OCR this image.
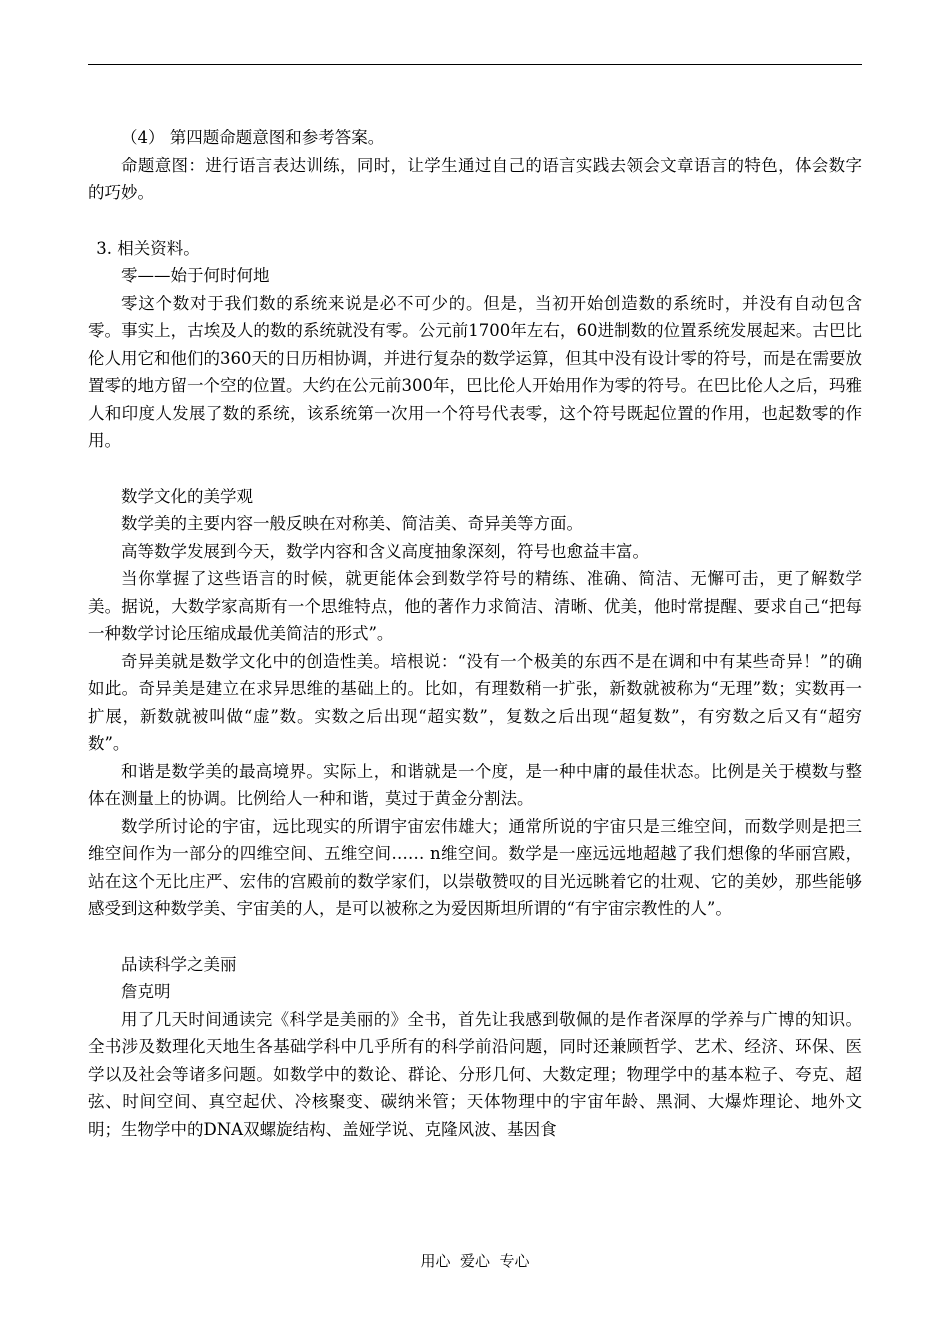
（4） 第四题命题意图和参考答案。

命题意图：进行语言表达训练，同时，让学生通过自己的语言实践去领会文章语言的特色，体会数字的巧妙。

3. 相关资料。

零——始于何时何地

零这个数对于我们数的系统来说是必不可少的。但是，当初开始创造数的系统时，并没有自动包含零。事实上，古埃及人的数的系统就没有零。公元前1700年左右，60进制数的位置系统发展起来。古巴比伦人用它和他们的360天的日历相协调，并进行复杂的数学运算，但其中没有设计零的符号，而是在需要放置零的地方留一个空的位置。大约在公元前300年，巴比伦人开始用作为零的符号。在巴比伦人之后，玛雅人和印度人发展了数的系统，该系统第一次用一个符号代表零，这个符号既起位置的作用，也起数零的作用。

数学文化的美学观

数学美的主要内容一般反映在对称美、简洁美、奇异美等方面。

高等数学发展到今天，数学内容和含义高度抽象深刻，符号也愈益丰富。

当你掌握了这些语言的时候，就更能体会到数学符号的精练、准确、简洁、无懈可击，更了解数学美。据说，大数学家高斯有一个思维特点，他的著作力求简洁、清晰、优美，他时常提醒、要求自己“把每一种数学讨论压缩成最优美简洁的形式”。

奇异美就是数学文化中的创造性美。培根说：“没有一个极美的东西不是在调和中有某些奇异！”的确如此。奇异美是建立在求异思维的基础上的。比如，有理数稍一扩张，新数就被称为“无理”数；实数再一扩展，新数就被叫做“虚”数。实数之后出现“超实数”，复数之后出现“超复数”，有穷数之后又有“超穷数”。

和谐是数学美的最高境界。实际上，和谐就是一个度，是一种中庸的最佳状态。比例是关于模数与整体在测量上的协调。比例给人一种和谐，莫过于黄金分割法。

数学所讨论的宇宙，远比现实的所谓宇宙宏伟雄大；通常所说的宇宙只是三维空间，而数学则是把三维空间作为一部分的四维空间、五维空间…… n维空间。数学是一座远远地超越了我们想像的华丽宫殿，站在这个无比庄严、宏伟的宫殿前的数学家们，以崇敬赞叹的目光远眺着它的壮观、它的美妙，那些能够感受到这种数学美、宇宙美的人，是可以被称之为爱因斯坦所谓的“有宇宙宗教性的人”。

品读科学之美丽

詹克明

用了几天时间通读完《科学是美丽的》全书，首先让我感到敬佩的是作者深厚的学养与广博的知识。全书涉及数理化天地生各基础学科中几乎所有的科学前沿问题，同时还兼顾哲学、艺术、经济、环保、医学以及社会等诸多问题。如数学中的数论、群论、分形几何、大数定理；物理学中的基本粒子、夸克、超弦、时间空间、真空起伏、冷核聚变、碳纳米管；天体物理中的宇宙年龄、黑洞、大爆炸理论、地外文明；生物学中的DNA双螺旋结构、盖娅学说、克隆风波、基因食

用心  爱心  专心
